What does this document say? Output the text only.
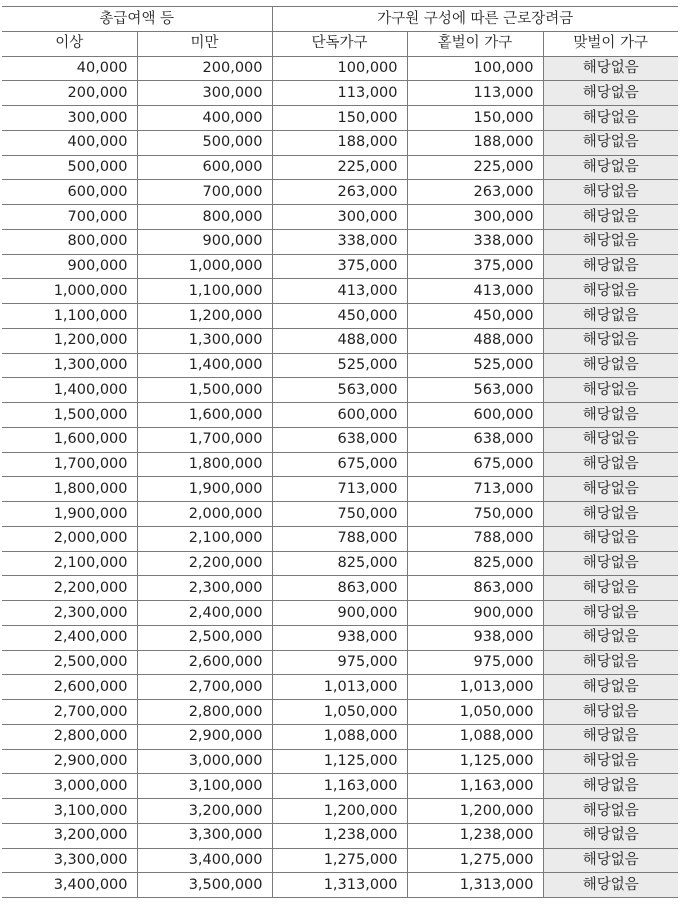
총급여액 등		가구원 구성에 따른 근로장려금		
이상	미만	단독가구	홑벌이 가구	맞벌이 가구
40,000	200,000	100,000	100,000	해당없음
200,000	300,000	113,000	113,000	해당없음
300,000	400,000	150,000	150,000	해당없음
400,000	500,000	188,000	188,000	해당없음
500,000	600,000	225,000	225,000	해당없음
600,000	700,000	263,000	263,000	해당없음
700,000	800,000	300,000	300,000	해당없음
800,000	900,000	338,000	338,000	해당없음
900,000	1,000,000	375,000	375,000	해당없음
1,000,000	1,100,000	413,000	413,000	해당없음
1,100,000	1,200,000	450,000	450,000	해당없음
1,200,000	1,300,000	488,000	488,000	해당없음
1,300,000	1,400,000	525,000	525,000	해당없음
1,400,000	1,500,000	563,000	563,000	해당없음
1,500,000	1,600,000	600,000	600,000	해당없음
1,600,000	1,700,000	638,000	638,000	해당없음
1,700,000	1,800,000	675,000	675,000	해당없음
1,800,000	1,900,000	713,000	713,000	해당없음
1,900,000	2,000,000	750,000	750,000	해당없음
2,000,000	2,100,000	788,000	788,000	해당없음
2,100,000	2,200,000	825,000	825,000	해당없음
2,200,000	2,300,000	863,000	863,000	해당없음
2,300,000	2,400,000	900,000	900,000	해당없음
2,400,000	2,500,000	938,000	938,000	해당없음
2,500,000	2,600,000	975,000	975,000	해당없음
2,600,000	2,700,000	1,013,000	1,013,000	해당없음
2,700,000	2,800,000	1,050,000	1,050,000	해당없음
2,800,000	2,900,000	1,088,000	1,088,000	해당없음
2,900,000	3,000,000	1,125,000	1,125,000	해당없음
3,000,000	3,100,000	1,163,000	1,163,000	해당없음
3,100,000	3,200,000	1,200,000	1,200,000	해당없음
3,200,000	3,300,000	1,238,000	1,238,000	해당없음
3,300,000	3,400,000	1,275,000	1,275,000	해당없음
3,400,000	3,500,000	1,313,000	1,313,000	해당없음
